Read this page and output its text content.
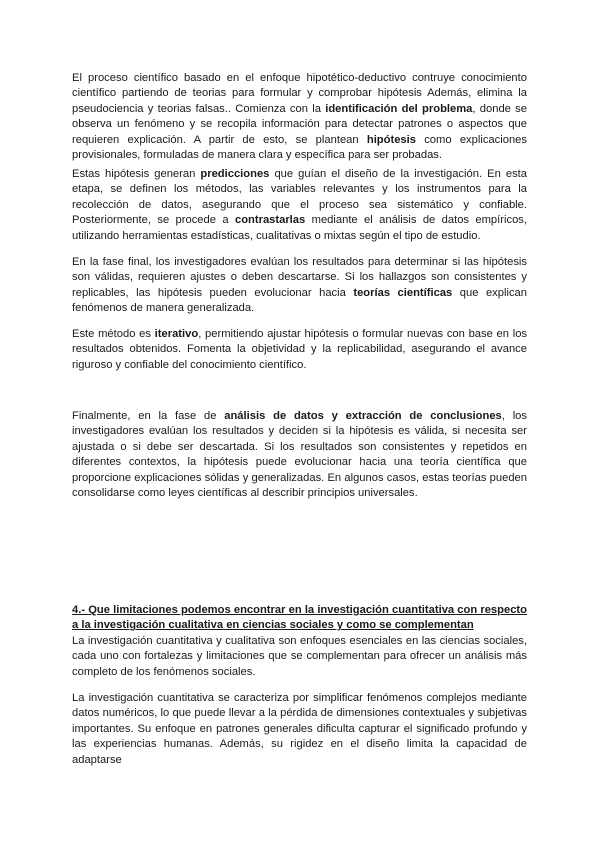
El proceso científico basado en el enfoque hipotético-deductivo contruye conocimiento científico partiendo de teorias para formular y comprobar hipótesis Además, elimina la pseudociencia y teorias falsas.. Comienza con la identificación del problema, donde se observa un fenómeno y se recopila información para detectar patrones o aspectos que requieren explicación. A partir de esto, se plantean hipótesis como explicaciones provisionales, formuladas de manera clara y específica para ser probadas.

Estas hipótesis generan predicciones que guían el diseño de la investigación. En esta etapa, se definen los métodos, las variables relevantes y los instrumentos para la recolección de datos, asegurando que el proceso sea sistemático y confiable. Posteriormente, se procede a contrastarlas mediante el análisis de datos empíricos, utilizando herramientas estadísticas, cualitativas o mixtas según el tipo de estudio.

En la fase final, los investigadores evalúan los resultados para determinar si las hipótesis son válidas, requieren ajustes o deben descartarse. Si los hallazgos son consistentes y replicables, las hipótesis pueden evolucionar hacia teorías científicas que explican fenómenos de manera generalizada.

Este método es iterativo, permitiendo ajustar hipótesis o formular nuevas con base en los resultados obtenidos. Fomenta la objetividad y la replicabilidad, asegurando el avance riguroso y confiable del conocimiento científico.

Finalmente, en la fase de análisis de datos y extracción de conclusiones, los investigadores evalúan los resultados y deciden si la hipótesis es válida, si necesita ser ajustada o si debe ser descartada. Si los resultados son consistentes y repetidos en diferentes contextos, la hipótesis puede evolucionar hacia una teoría científica que proporcione explicaciones sólidas y generalizadas. En algunos casos, estas teorías pueden consolidarse como leyes científicas al describir principios universales.

4.- Que limitaciones podemos encontrar en la investigación cuantitativa con respecto a la investigación cualitativa en ciencias sociales y como se complementan
La investigación cuantitativa y cualitativa son enfoques esenciales en las ciencias sociales, cada uno con fortalezas y limitaciones que se complementan para ofrecer un análisis más completo de los fenómenos sociales.

La investigación cuantitativa se caracteriza por simplificar fenómenos complejos mediante datos numéricos, lo que puede llevar a la pérdida de dimensiones contextuales y subjetivas importantes. Su enfoque en patrones generales dificulta capturar el significado profundo y las experiencias humanas. Además, su rigidez en el diseño limita la capacidad de adaptarse
